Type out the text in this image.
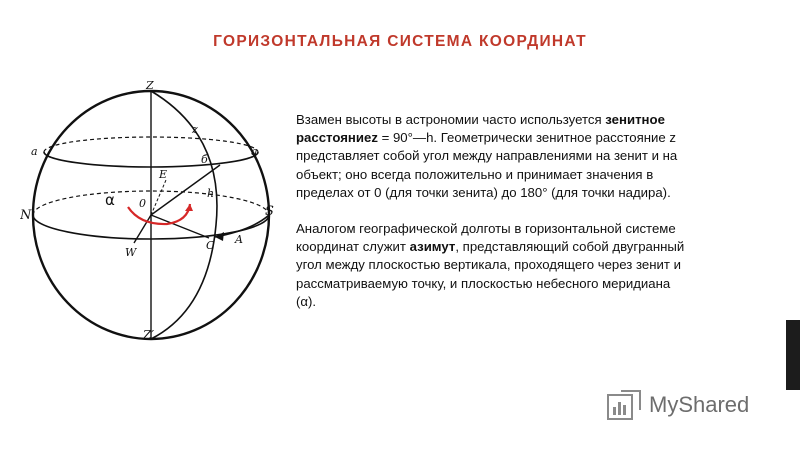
ГОРИЗОНТАЛЬНАЯ СИСТЕМА КООРДИНАТ
Z
z
a	a
б
E
h
N	S
0
α
W
C A
Z′

Взамен высоты в астрономии часто используется зенитное расстояниеz = 90°—h. Геометрически зенитное расстояние z представляет собой угол между направлениями на зенит и на объект; оно всегда положительно и принимает значения в пределах от 0 (для точки зенита) до 180° (для точки надира).

Аналогом географической долготы в горизонтальной системе координат служит азимут, представляющий собой двугранный угол между плоскостью вертикала, проходящего через зенит и рассматриваемую точку, и плоскостью небесного меридиана (α).

MyShared
